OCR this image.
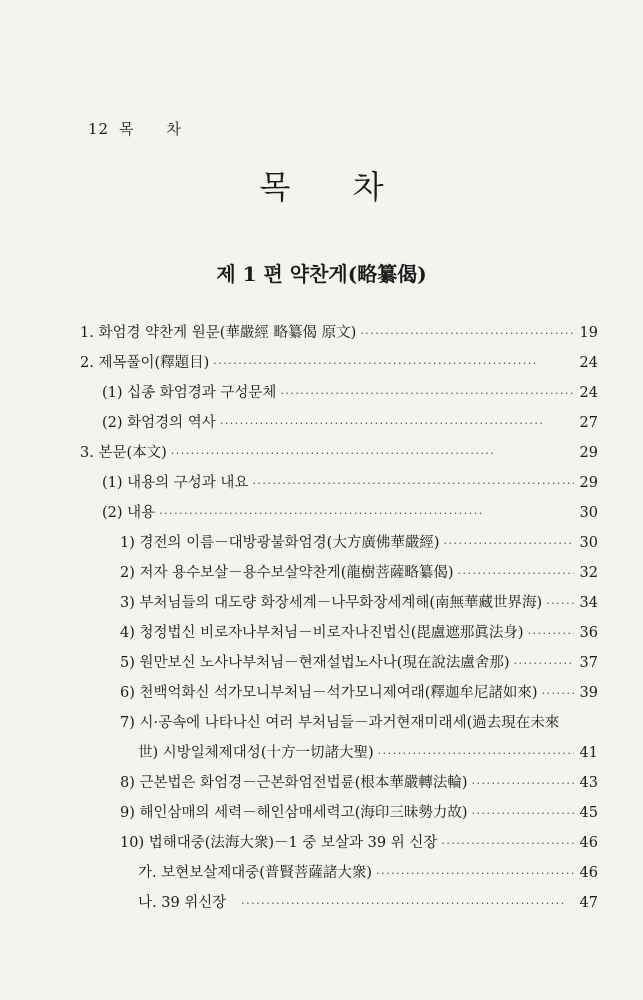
12 목 차
목 차
제 1 편 약찬게(略纂偈)
1. 화엄경 약찬게 원문(華嚴經 略纂偈 原文) · · ·	19
2. 제목풀이(釋題目) · · ·	24
(1) 십종 화엄경과 구성문체 · · ·	24
(2) 화엄경의 역사 · · ·	27
3. 본문(本文) · · ·	29
(1) 내용의 구성과 내요 · · ·	29
(2) 내용 · · ·	30
1) 경전의 이름－대방광불화엄경(大方廣佛華嚴經) · · ·	30
2) 저자 용수보살－용수보살약찬게(龍樹菩薩略纂偈) · · ·	32
3) 부처님들의 대도량 화장세계－나무화장세계해(南無華藏世界海) · · ·	34
4) 청정법신 비로자나부처님－비로자나진법신(毘盧遮那眞法身) · · ·	36
5) 원만보신 노사나부처님－현재설법노사나(現在說法盧舍那) · · ·	37
6) 천백억화신 석가모니부처님－석가모니제여래(釋迦牟尼諸如來) · · ·	39
7) 시·공속에 나타나신 여러 부처님들－과거현재미래세(過去現在未來
世) 시방일체제대성(十方一切諸大聖) · · ·	41
8) 근본법은 화엄경－근본화엄전법륜(根本華嚴轉法輪) · · ·	43
9) 해인삼매의 세력－해인삼매세력고(海印三昧勢力故) · · ·	45
10) 법해대중(法海大衆)－1 중 보살과 39 위 신장 · · ·	46
가. 보현보살제대중(普賢菩薩諸大衆) · · ·	46
나. 39 위신장 · · ·	47
